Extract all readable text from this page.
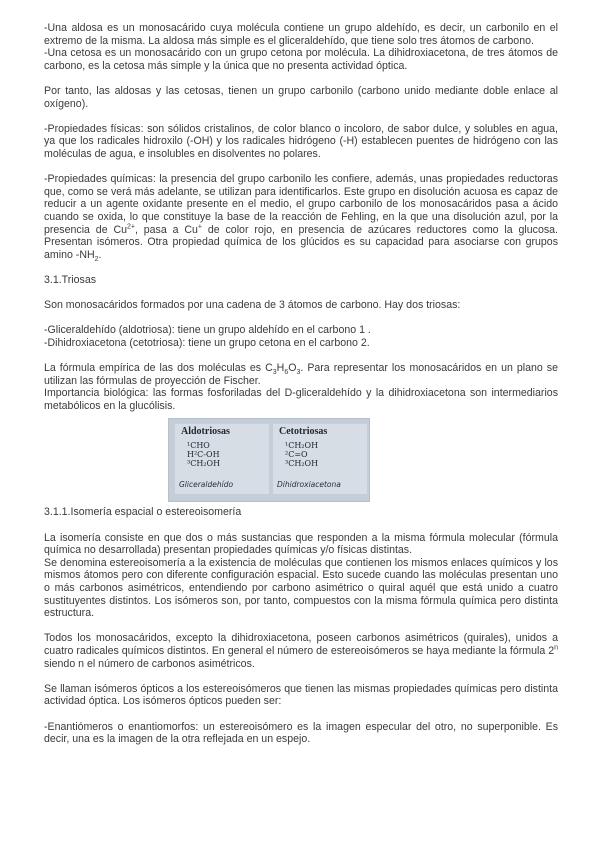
-Una aldosa es un monosacárido cuya molécula contiene un grupo aldehído, es decir, un carbonilo en el extremo de la misma. La aldosa más simple es el gliceraldehído, que tiene solo tres átomos de carbono.

-Una cetosa es un monosacárido con un grupo cetona por molécula. La dihidroxiacetona, de tres átomos de carbono, es la cetosa más simple y la única que no presenta actividad óptica.

Por tanto, las aldosas y las cetosas, tienen un grupo carbonilo (carbono unido mediante doble enlace al oxígeno).

-Propiedades físicas: son sólidos cristalinos, de color blanco o incoloro, de sabor dulce, y solubles en agua, ya que los radicales hidroxilo (-OH) y los radicales hidrógeno (-H) establecen puentes de hidrógeno con las moléculas de agua, e insolubles en disolventes no polares.

-Propiedades químicas: la presencia del grupo carbonilo les confiere, además, unas propiedades reductoras que, como se verá más adelante, se utilizan para identificarlos. Este grupo en disolución acuosa es capaz de reducir a un agente oxidante presente en el medio, el grupo carbonilo de los monosacáridos pasa a ácido cuando se oxida, lo que constituye la base de la reacción de Fehling, en la que una disolución azul, por la presencia de $Cu^{2+}$, pasa a Cu+ de color rojo, en presencia de azúcares reductores como la glucosa. Presentan isómeros. Otra propiedad química de los glúcidos es su capacidad para asociarse con grupos amino $-NH_2$.

3.1.Triosas

Son monosacáridos formados por una cadena de 3 átomos de carbono. Hay dos triosas:

-Gliceraldehído (aldotriosa): tiene un grupo aldehído en el carbono 1 .

-Dihidroxiacetona (cetotriosa): tiene un grupo cetona en el carbono 2.

La fórmula empírica de las dos moléculas es $C_3H_6O_3$. Para representar los monosacáridos en un plano se utilizan las fórmulas de proyección de Fischer.

Importancia biológica: las formas fosforiladas del D-gliceraldehído y la dihidroxiacetona son intermediarios metabólicos en la glucólisis.

Aldotriosas
¹CHO
H²C-OH
³CH₂OH
Gliceraldehído
Cetotriosas
¹CH₂OH
²C=O
³CH₂OH
Dihidroxiacetona

3.1.1.Isomería espacial o estereoisomería

La isomería consiste en que dos o más sustancias que responden a la misma fórmula molecular (fórmula química no desarrollada) presentan propiedades químicas y/o físicas distintas.

Se denomina estereoisomería a la existencia de moléculas que contienen los mismos enlaces químicos y los mismos átomos pero con diferente configuración espacial. Esto sucede cuando las moléculas presentan uno o más carbonos asimétricos, entendiendo por carbono asimétrico o quiral aquél que está unido a cuatro sustituyentes distintos. Los isómeros son, por tanto, compuestos con la misma fórmula química pero distinta estructura.

Todos los monosacáridos, excepto la dihidroxiacetona, poseen carbonos asimétricos (quirales), unidos a cuatro radicales químicos distintos. En general el número de estereoisómeros se haya mediante la fórmula 2$^n$ siendo n el número de carbonos asimétricos.

Se llaman isómeros ópticos a los estereoisómeros que tienen las mismas propiedades químicas pero distinta actividad óptica. Los isómeros ópticos pueden ser:

-Enantiómeros o enantiomorfos: un estereoisómero es la imagen especular del otro, no superponible. Es decir, una es la imagen de la otra reflejada en un espejo.
